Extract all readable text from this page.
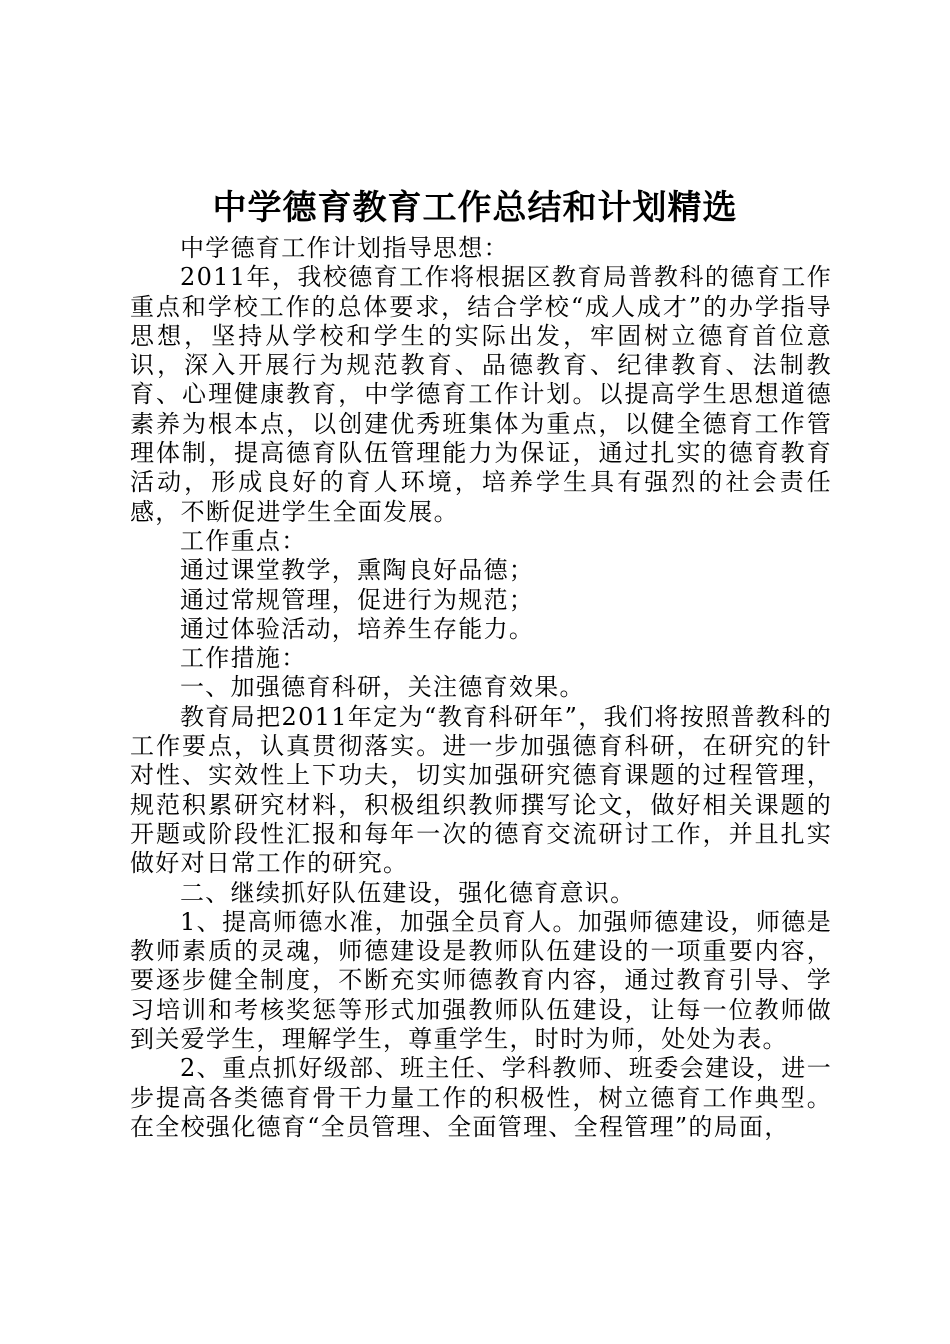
中学德育教育工作总结和计划精选

中学德育工作计划指导思想：

2011年，我校德育工作将根据区教育局普教科的德育工作重点和学校工作的总体要求，结合学校“成人成才”的办学指导思想，坚持从学校和学生的实际出发，牢固树立德育首位意识，深入开展行为规范教育、品德教育、纪律教育、法制教育、心理健康教育，中学德育工作计划。以提高学生思想道德素养为根本点，以创建优秀班集体为重点，以健全德育工作管理体制，提高德育队伍管理能力为保证，通过扎实的德育教育活动，形成良好的育人环境，培养学生具有强烈的社会责任感，不断促进学生全面发展。

工作重点：

通过课堂教学，熏陶良好品德；

通过常规管理，促进行为规范；

通过体验活动，培养生存能力。

工作措施：

一、加强德育科研，关注德育效果。

教育局把2011年定为“教育科研年”，我们将按照普教科的工作要点，认真贯彻落实。进一步加强德育科研，在研究的针对性、实效性上下功夫，切实加强研究德育课题的过程管理，规范积累研究材料，积极组织教师撰写论文，做好相关课题的开题或阶段性汇报和每年一次的德育交流研讨工作，并且扎实做好对日常工作的研究。

二、继续抓好队伍建设，强化德育意识。

1、提高师德水准，加强全员育人。加强师德建设，师德是教师素质的灵魂，师德建设是教师队伍建设的一项重要内容，要逐步健全制度，不断充实师德教育内容，通过教育引导、学习培训和考核奖惩等形式加强教师队伍建设，让每一位教师做到关爱学生，理解学生，尊重学生，时时为师，处处为表。

2、重点抓好级部、班主任、学科教师、班委会建设，进一步提高各类德育骨干力量工作的积极性，树立德育工作典型。在全校强化德育“全员管理、全面管理、全程管理”的局面，
